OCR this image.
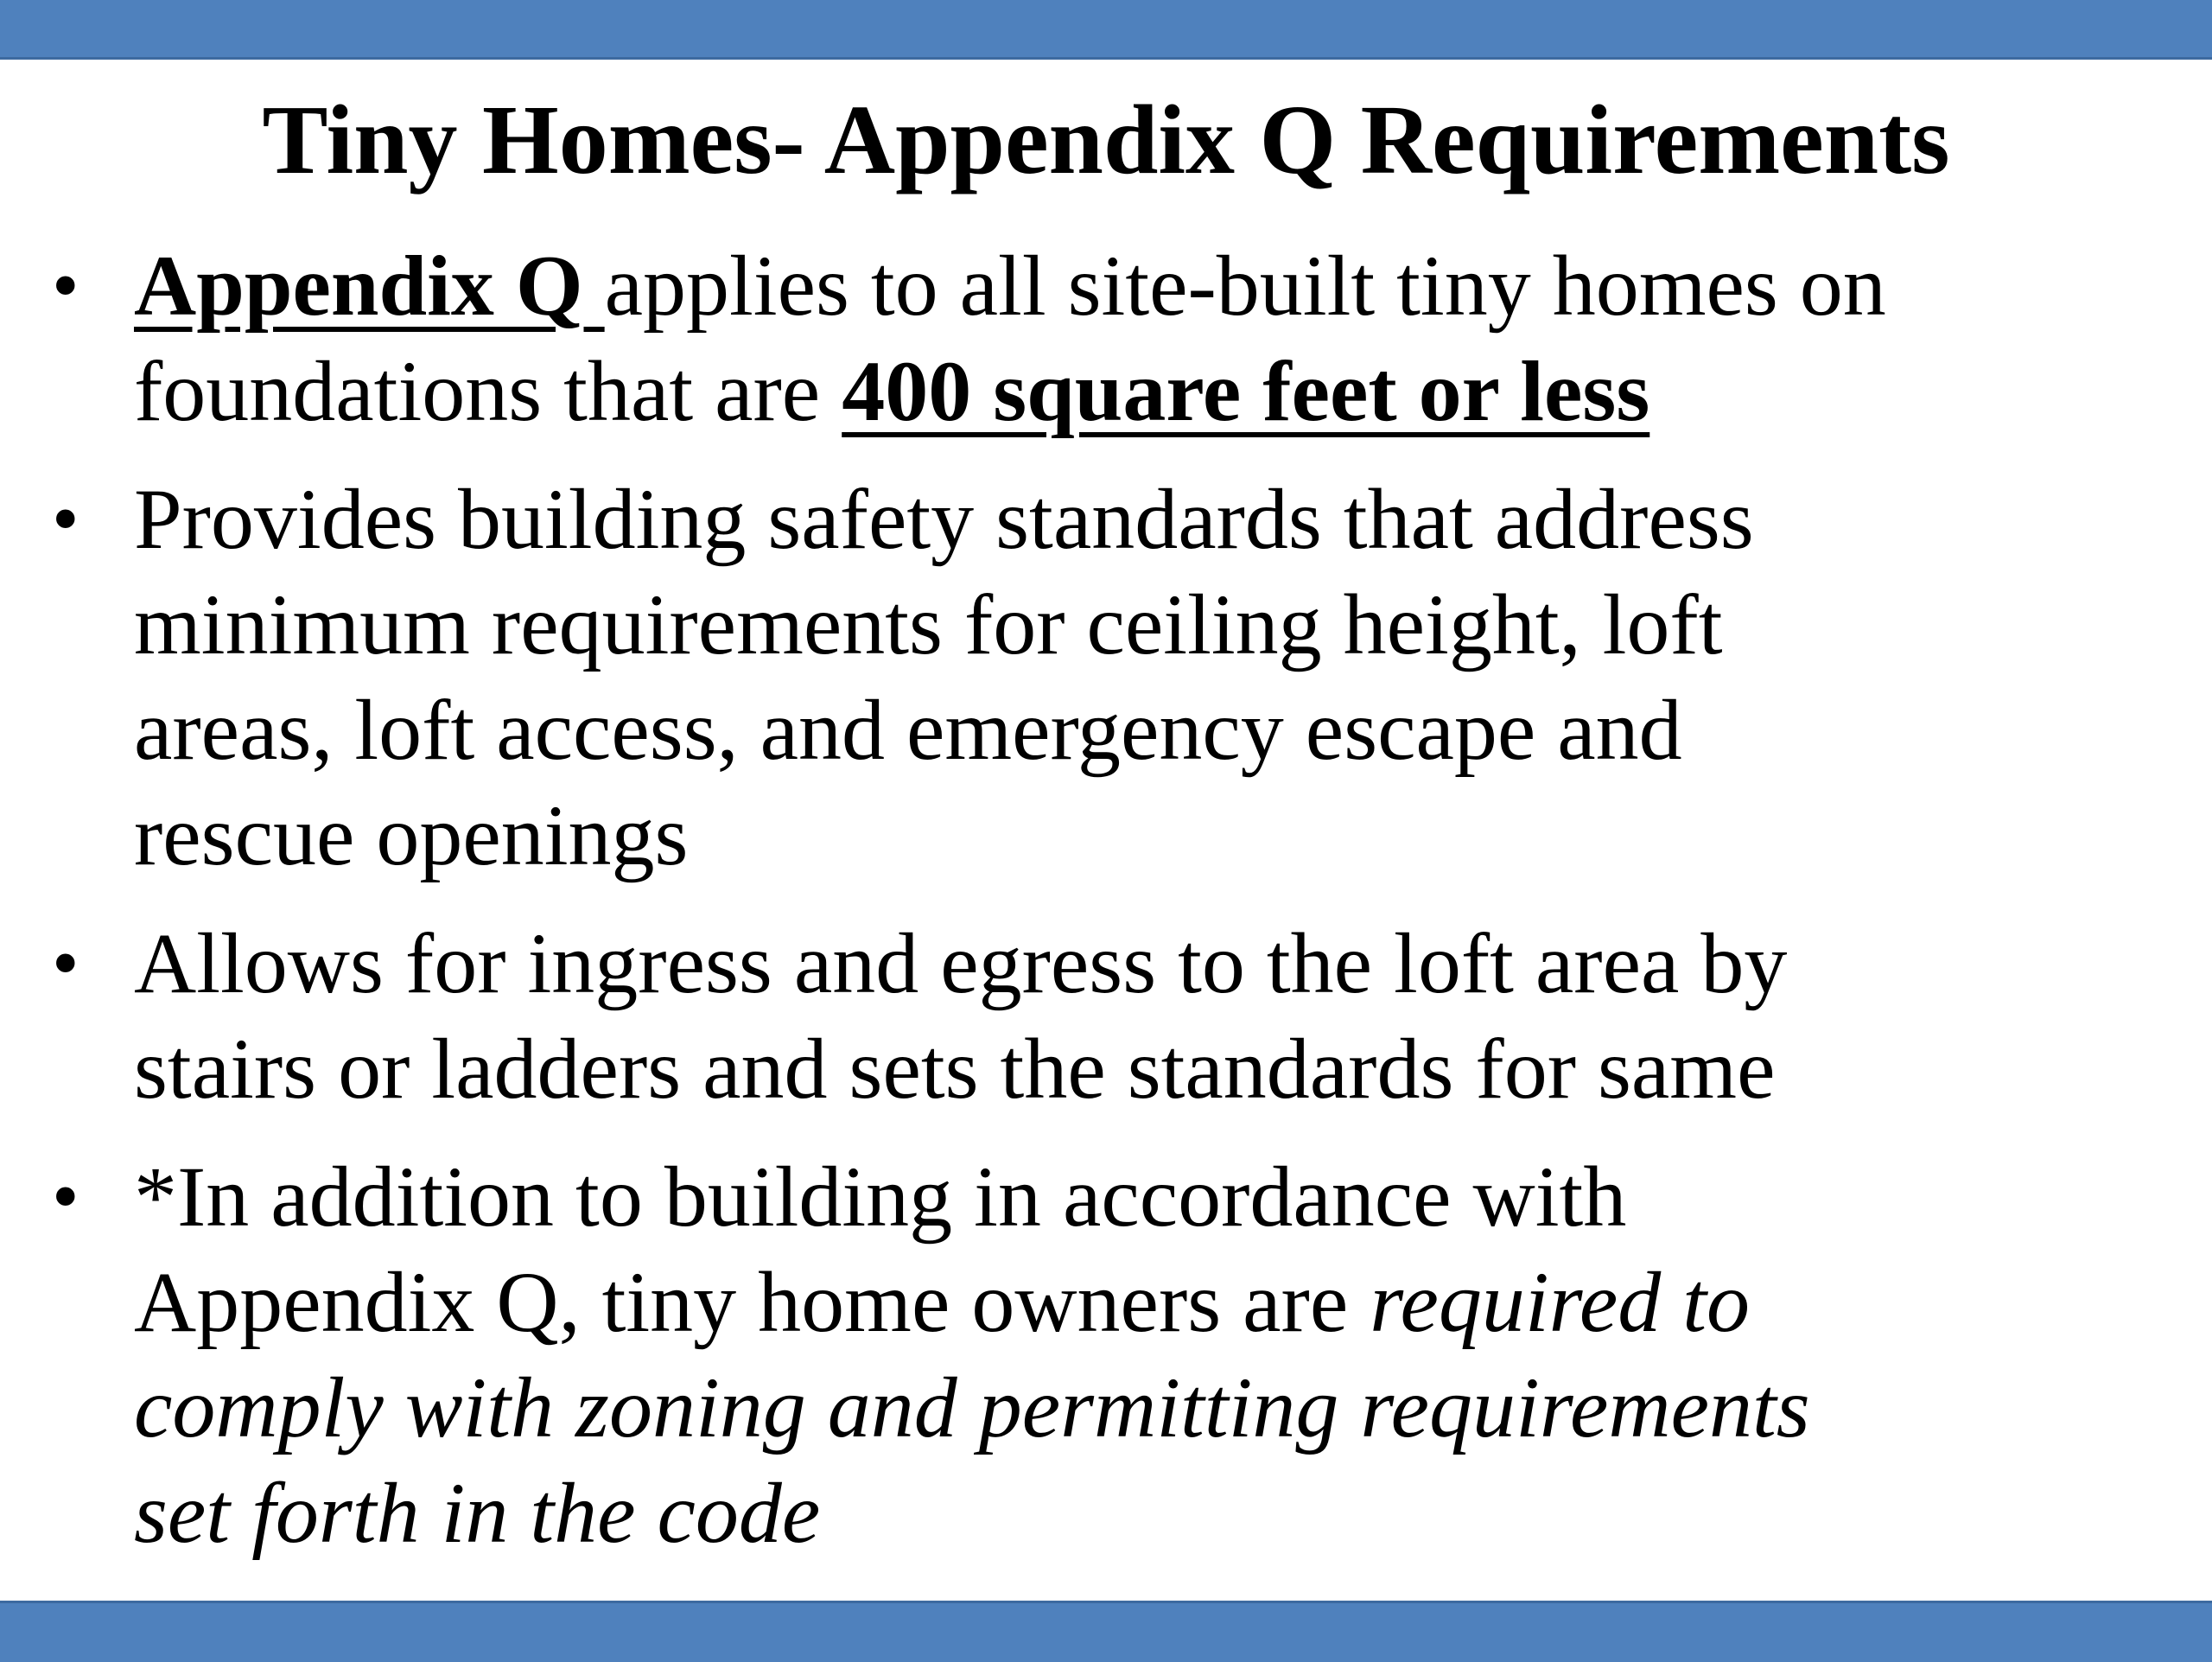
Tiny Homes- Appendix Q Requirements
• Appendix Q applies to all site-built tiny homes on
foundations that are 400 square feet or less
• Provides building safety standards that address
minimum requirements for ceiling height, loft
areas, loft access, and emergency escape and
rescue openings
• Allows for ingress and egress to the loft area by
stairs or ladders and sets the standards for same
• *In addition to building in accordance with
Appendix Q, tiny home owners are required to
comply with zoning and permitting requirements
set forth in the code
